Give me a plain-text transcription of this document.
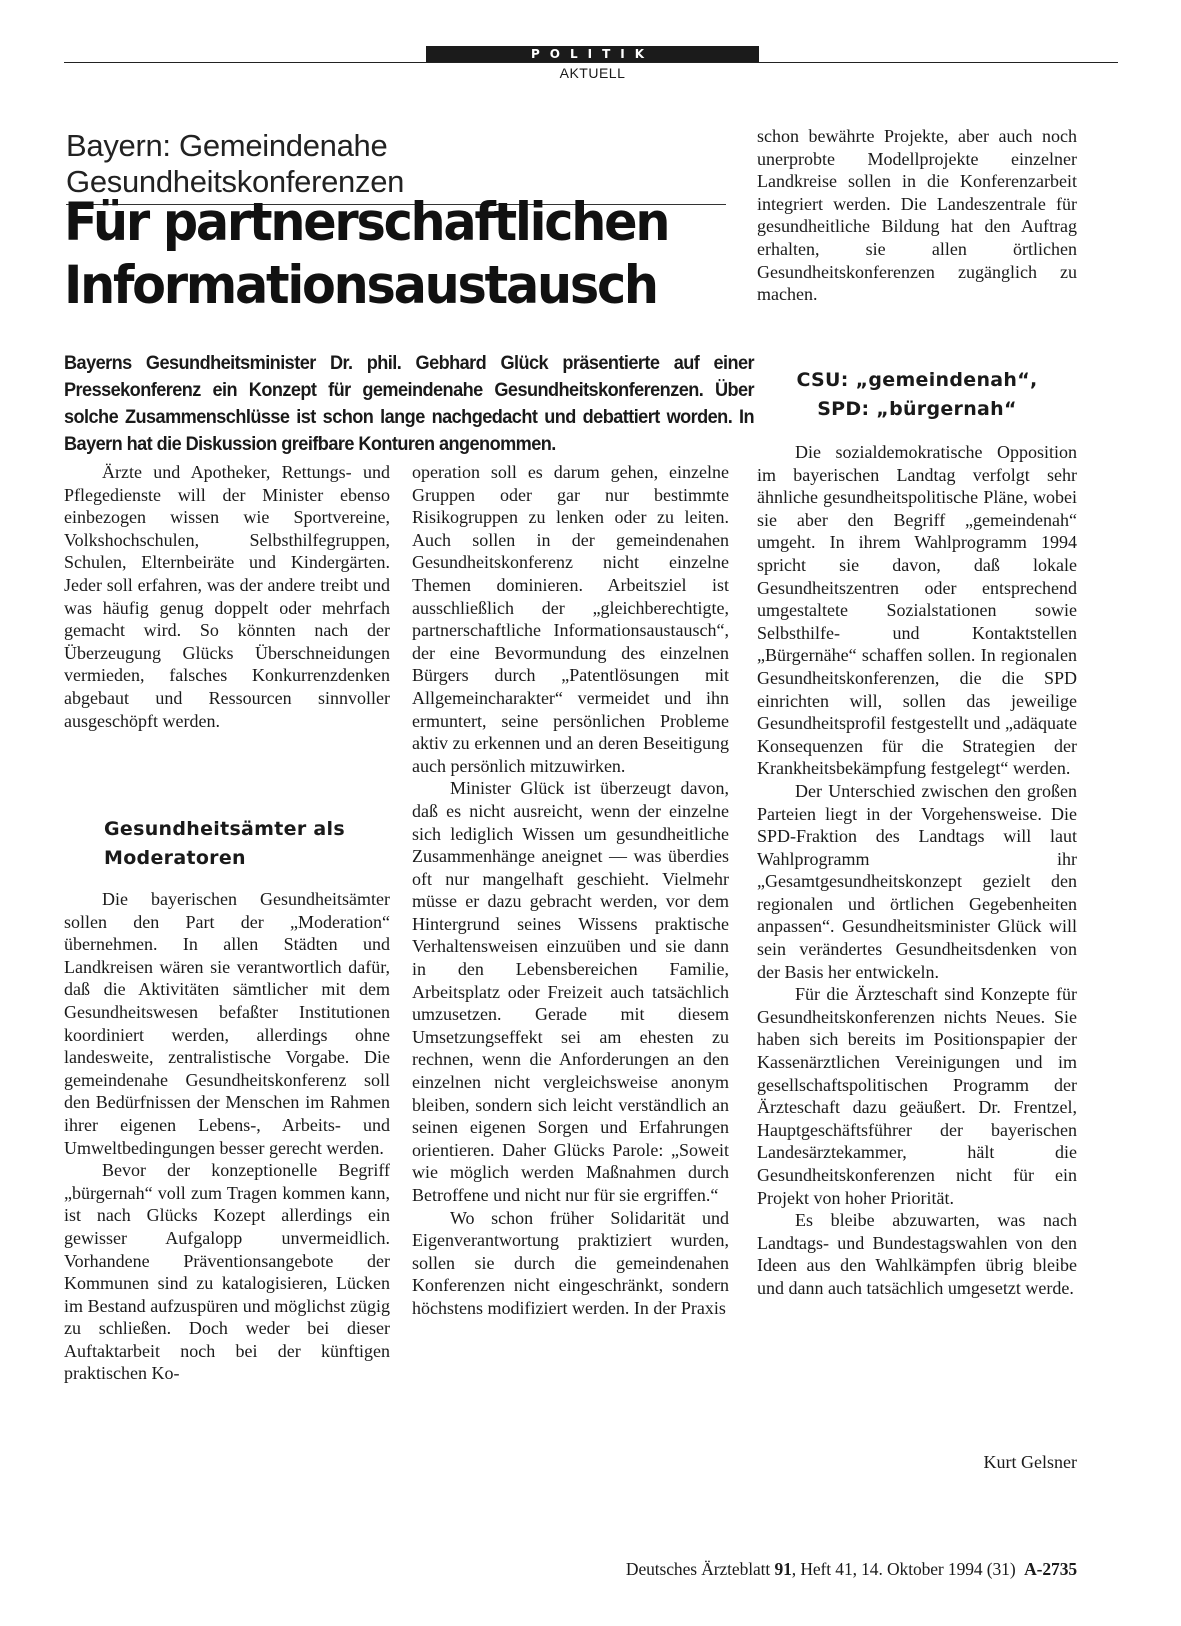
POLITIK
AKTUELL
Bayern: Gemeindenahe Gesundheitskonferenzen
Für partnerschaftlichen
Informationsaustausch
Bayerns Gesundheitsminister Dr. phil. Gebhard Glück präsentierte auf einer Pressekonferenz ein Konzept für gemeindenahe Gesundheitskonferenzen. Über solche Zusammenschlüsse ist schon lange nachgedacht und debattiert worden. In Bayern hat die Diskussion greifbare Konturen angenommen.

Ärzte und Apotheker, Rettungs- und Pflegedienste will der Minister ebenso einbezogen wissen wie Sportvereine, Volkshochschulen, Selbsthilfegruppen, Schulen, Elternbeiräte und Kindergärten. Jeder soll erfahren, was der andere treibt und was häufig genug doppelt oder mehrfach gemacht wird. So könnten nach der Überzeugung Glücks Überschneidungen vermieden, falsches Konkurrenzdenken abgebaut und Ressourcen sinnvoller ausgeschöpft werden.

Gesundheitsämter als Moderatoren

Die bayerischen Gesundheitsämter sollen den Part der „Moderation“ übernehmen. In allen Städten und Landkreisen wären sie verantwortlich dafür, daß die Aktivitäten sämtlicher mit dem Gesundheitswesen befaßter Institutionen koordiniert werden, allerdings ohne landesweite, zentralistische Vorgabe. Die gemeindenahe Gesundheitskonferenz soll den Bedürfnissen der Menschen im Rahmen ihrer eigenen Lebens-, Arbeits- und Umweltbedingungen besser gerecht werden.

Bevor der konzeptionelle Begriff „bürgernah“ voll zum Tragen kommen kann, ist nach Glücks Kozept allerdings ein gewisser Aufgalopp unvermeidlich. Vorhandene Präventionsangebote der Kommunen sind zu katalogisieren, Lücken im Bestand aufzuspüren und möglichst zügig zu schließen. Doch weder bei dieser Auftaktarbeit noch bei der künftigen praktischen Ko-

operation soll es darum gehen, einzelne Gruppen oder gar nur bestimmte Risikogruppen zu lenken oder zu leiten. Auch sollen in der gemeindenahen Gesundheitskonferenz nicht einzelne Themen dominieren. Arbeitsziel ist ausschließlich der „gleichberechtigte, partnerschaftliche Informationsaustausch“, der eine Bevormundung des einzelnen Bürgers durch „Patentlösungen mit Allgemeincharakter“ vermeidet und ihn ermuntert, seine persönlichen Probleme aktiv zu erkennen und an deren Beseitigung auch persönlich mitzuwirken.

Minister Glück ist überzeugt davon, daß es nicht ausreicht, wenn der einzelne sich lediglich Wissen um gesundheitliche Zusammenhänge aneignet — was überdies oft nur mangelhaft geschieht. Vielmehr müsse er dazu gebracht werden, vor dem Hintergrund seines Wissens praktische Verhaltensweisen einzuüben und sie dann in den Lebensbereichen Familie, Arbeitsplatz oder Freizeit auch tatsächlich umzusetzen. Gerade mit diesem Umsetzungseffekt sei am ehesten zu rechnen, wenn die Anforderungen an den einzelnen nicht vergleichsweise anonym bleiben, sondern sich leicht verständlich an seinen eigenen Sorgen und Erfahrungen orientieren. Daher Glücks Parole: „Soweit wie möglich werden Maßnahmen durch Betroffene und nicht nur für sie ergriffen.“

Wo schon früher Solidarität und Eigenverantwortung praktiziert wurden, sollen sie durch die gemeindenahen Konferenzen nicht eingeschränkt, sondern höchstens modifiziert werden. In der Praxis

schon bewährte Projekte, aber auch noch unerprobte Modellprojekte einzelner Landkreise sollen in die Konferenzarbeit integriert werden. Die Landeszentrale für gesundheitliche Bildung hat den Auftrag erhalten, sie allen örtlichen Gesundheitskonferenzen zugänglich zu machen.

CSU: „gemeindenah“,
SPD: „bürgernah“

Die sozialdemokratische Opposition im bayerischen Landtag verfolgt sehr ähnliche gesundheitspolitische Pläne, wobei sie aber den Begriff „gemeindenah“ umgeht. In ihrem Wahlprogramm 1994 spricht sie davon, daß lokale Gesundheitszentren oder entsprechend umgestaltete Sozialstationen sowie Selbsthilfe- und Kontaktstellen „Bürgernähe“ schaffen sollen. In regionalen Gesundheitskonferenzen, die die SPD einrichten will, sollen das jeweilige Gesundheitsprofil festgestellt und „adäquate Konsequenzen für die Strategien der Krankheitsbekämpfung festgelegt“ werden.

Der Unterschied zwischen den großen Parteien liegt in der Vorgehensweise. Die SPD-Fraktion des Landtags will laut Wahlprogramm ihr „Gesamtgesundheitskonzept gezielt den regionalen und örtlichen Gegebenheiten anpassen“. Gesundheitsminister Glück will sein verändertes Gesundheitsdenken von der Basis her entwickeln.

Für die Ärzteschaft sind Konzepte für Gesundheitskonferenzen nichts Neues. Sie haben sich bereits im Positionspapier der Kassenärztlichen Vereinigungen und im gesellschaftspolitischen Programm der Ärzteschaft dazu geäußert. Dr. Frentzel, Hauptgeschäftsführer der bayerischen Landesärztekammer, hält die Gesundheitskonferenzen nicht für ein Projekt von hoher Priorität.

Es bleibe abzuwarten, was nach Landtags- und Bundestagswahlen von den Ideen aus den Wahlkämpfen übrig bleibe und dann auch tatsächlich umgesetzt werde.

Kurt Gelsner
Deutsches Ärzteblatt 91, Heft 41, 14. Oktober 1994 (31) A-2735
